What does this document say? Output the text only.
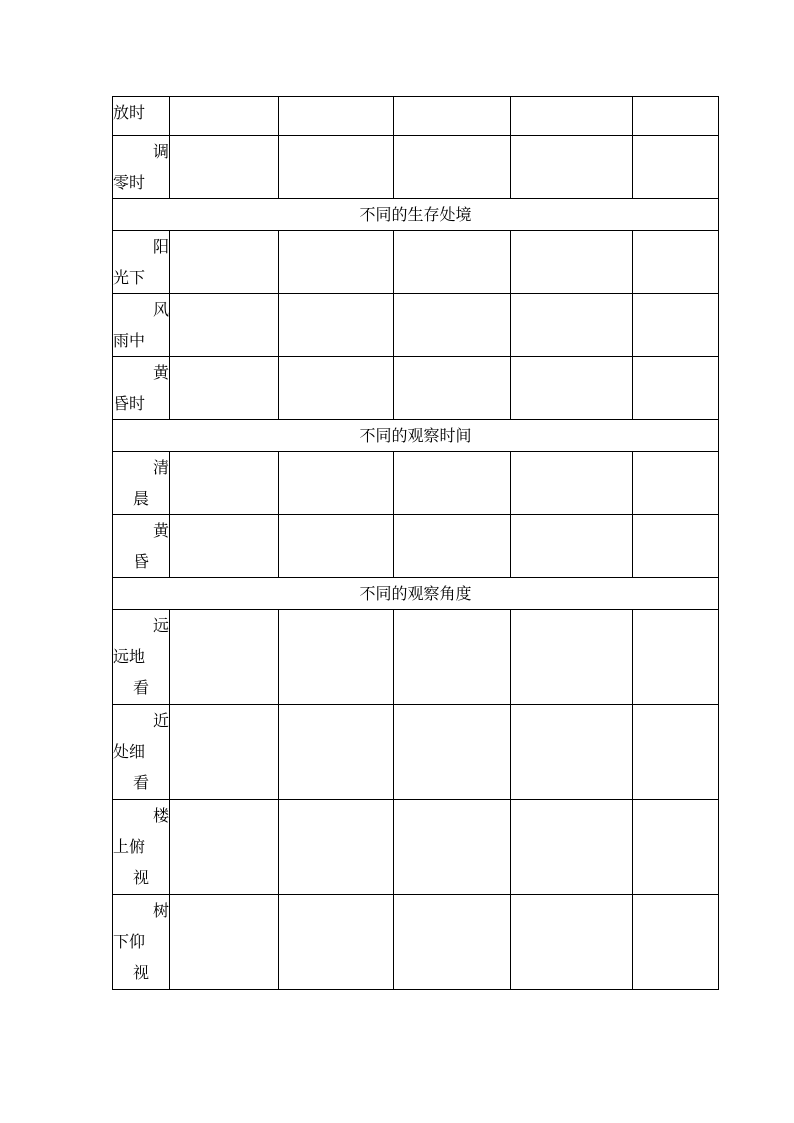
放时					

调
零时					

不同的生存处境					

阳
光下					

风
雨中					

黄
昏时					

不同的观察时间					

清
晨					

黄
昏					

不同的观察角度					

远
远地
看					

近
处细
看					

楼
上俯
视					

树
下仰
视					
